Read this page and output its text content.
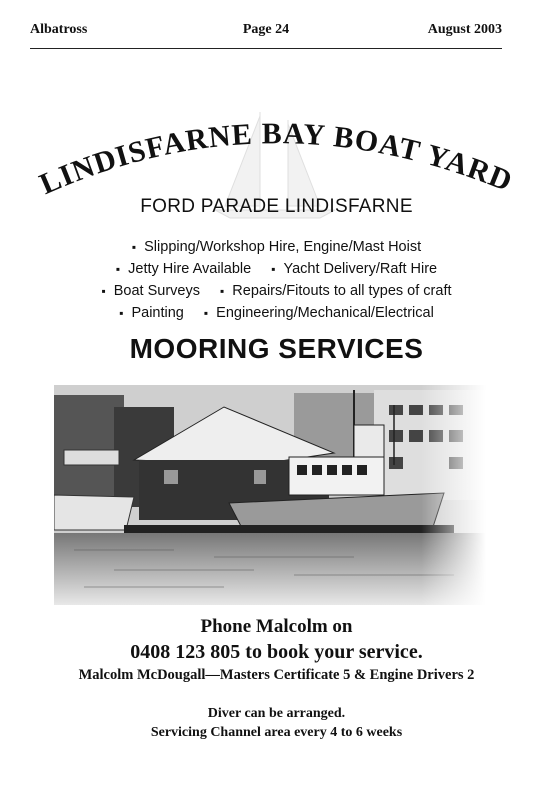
Albatross	Page 24	August 2003
LINDISFARNE BAY BOAT YARD
FORD PARADE LINDISFARNE
▪ Slipping/Workshop Hire, Engine/Mast Hoist
▪ Jetty Hire Available ▪ Yacht Delivery/Raft Hire
▪ Boat Surveys ▪ Repairs/Fitouts to all types of craft
▪ Painting ▪ Engineering/Mechanical/Electrical
MOORING SERVICES
Phone Malcolm on
0408 123 805 to book your service.
Malcolm McDougall—Masters Certificate 5 & Engine Drivers 2
Diver can be arranged.
Servicing Channel area every 4 to 6 weeks
